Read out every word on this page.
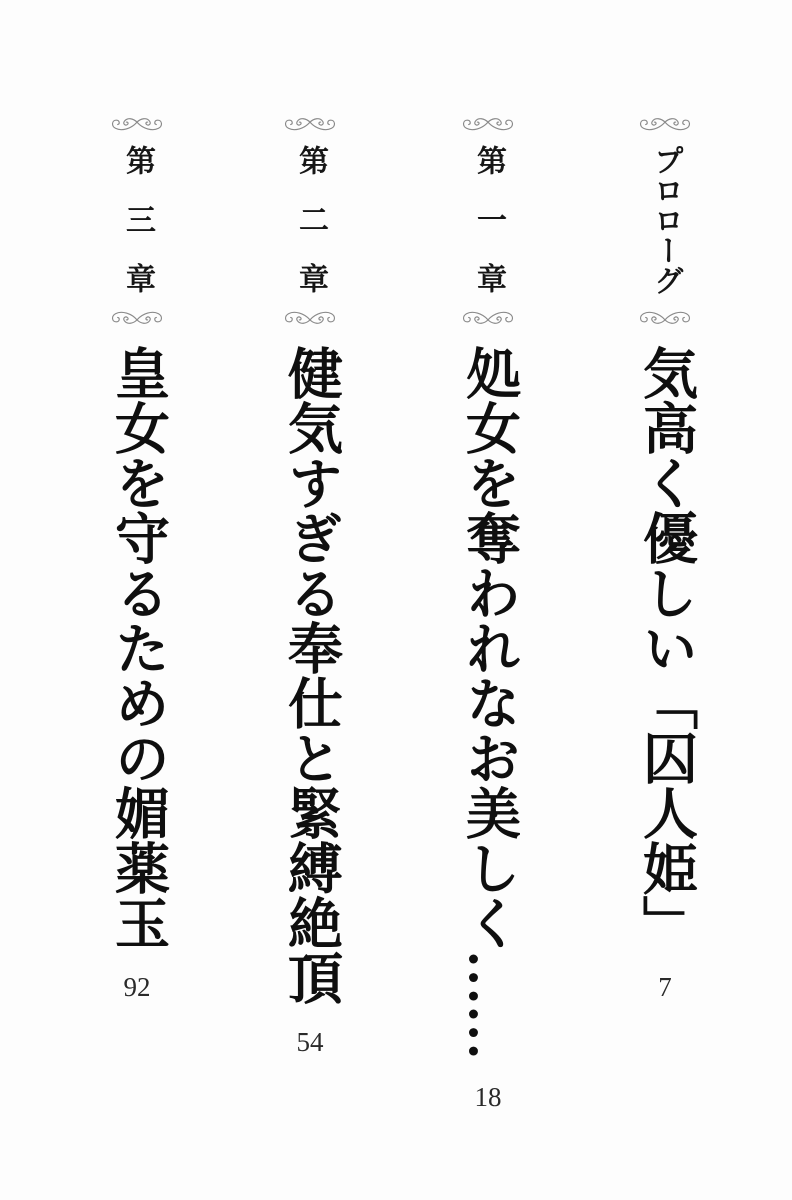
プロローグ
気高く優しい「囚人姫」
7
第一章
処女を奪われなお美しく……
18
第二章
健気すぎる奉仕と緊縛絶頂
54
第三章
皇女を守るための媚薬玉
92
